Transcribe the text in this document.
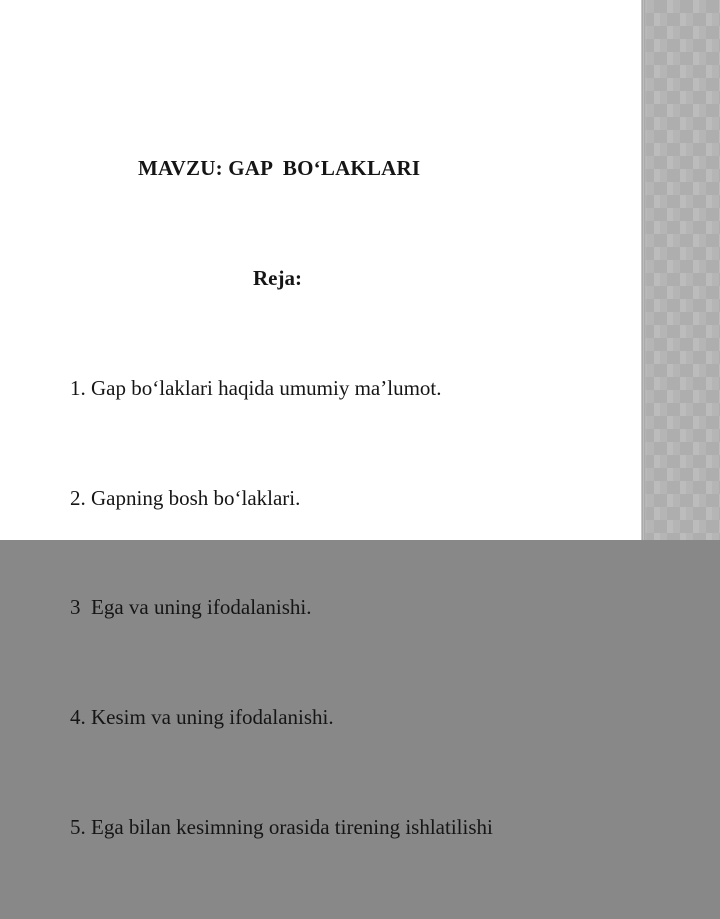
MAVZU: GAP  BO‘LAKLARI

Reja:

1. Gap bo‘laklari haqida umumiy ma’lumot.

2. Gapning bosh bo‘laklari.

3  Ega va uning ifodalanishi.

4. Kesim va uning ifodalanishi.

5. Ega bilan kesimning orasida tirening ishlatilishi
